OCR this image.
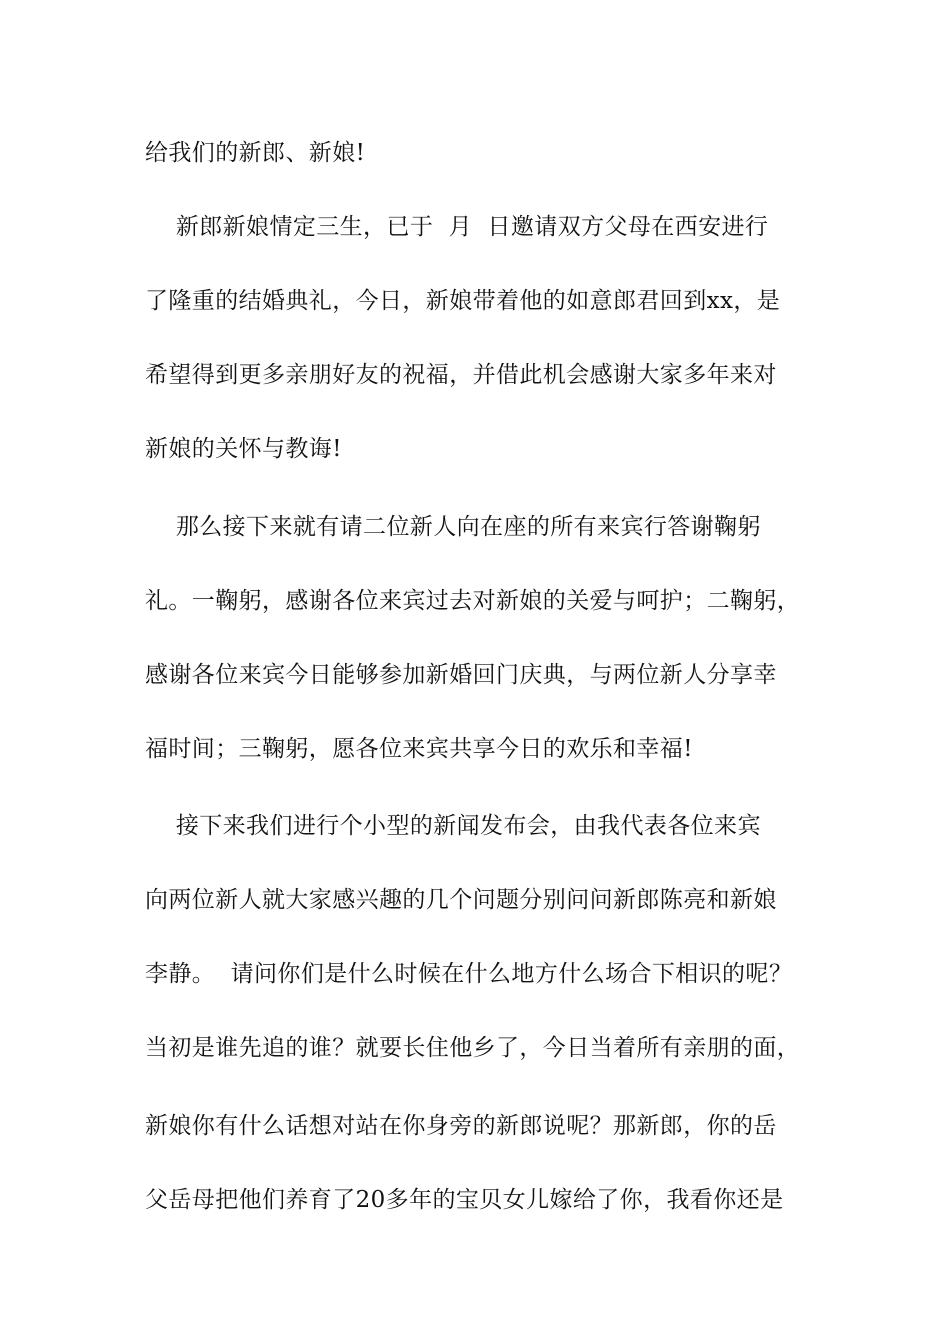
给我们的新郎、新娘!
新郎新娘情定三生，已于  月  日邀请双方父母在西安进行
了隆重的结婚典礼，今日，新娘带着他的如意郎君回到xx，是
希望得到更多亲朋好友的祝福，并借此机会感谢大家多年来对
新娘的关怀与教诲!
那么接下来就有请二位新人向在座的所有来宾行答谢鞠躬
礼。一鞠躬，感谢各位来宾过去对新娘的关爱与呵护；二鞠躬，
感谢各位来宾今日能够参加新婚回门庆典，与两位新人分享幸
福时间；三鞠躬，愿各位来宾共享今日的欢乐和幸福!
接下来我们进行个小型的新闻发布会，由我代表各位来宾
向两位新人就大家感兴趣的几个问题分别问问新郎陈亮和新娘
李静。  请问你们是什么时候在什么地方什么场合下相识的呢？
当初是谁先追的谁？就要长住他乡了，今日当着所有亲朋的面，
新娘你有什么话想对站在你身旁的新郎说呢？那新郎，你的岳
父岳母把他们养育了20多年的宝贝女儿嫁给了你，我看你还是
